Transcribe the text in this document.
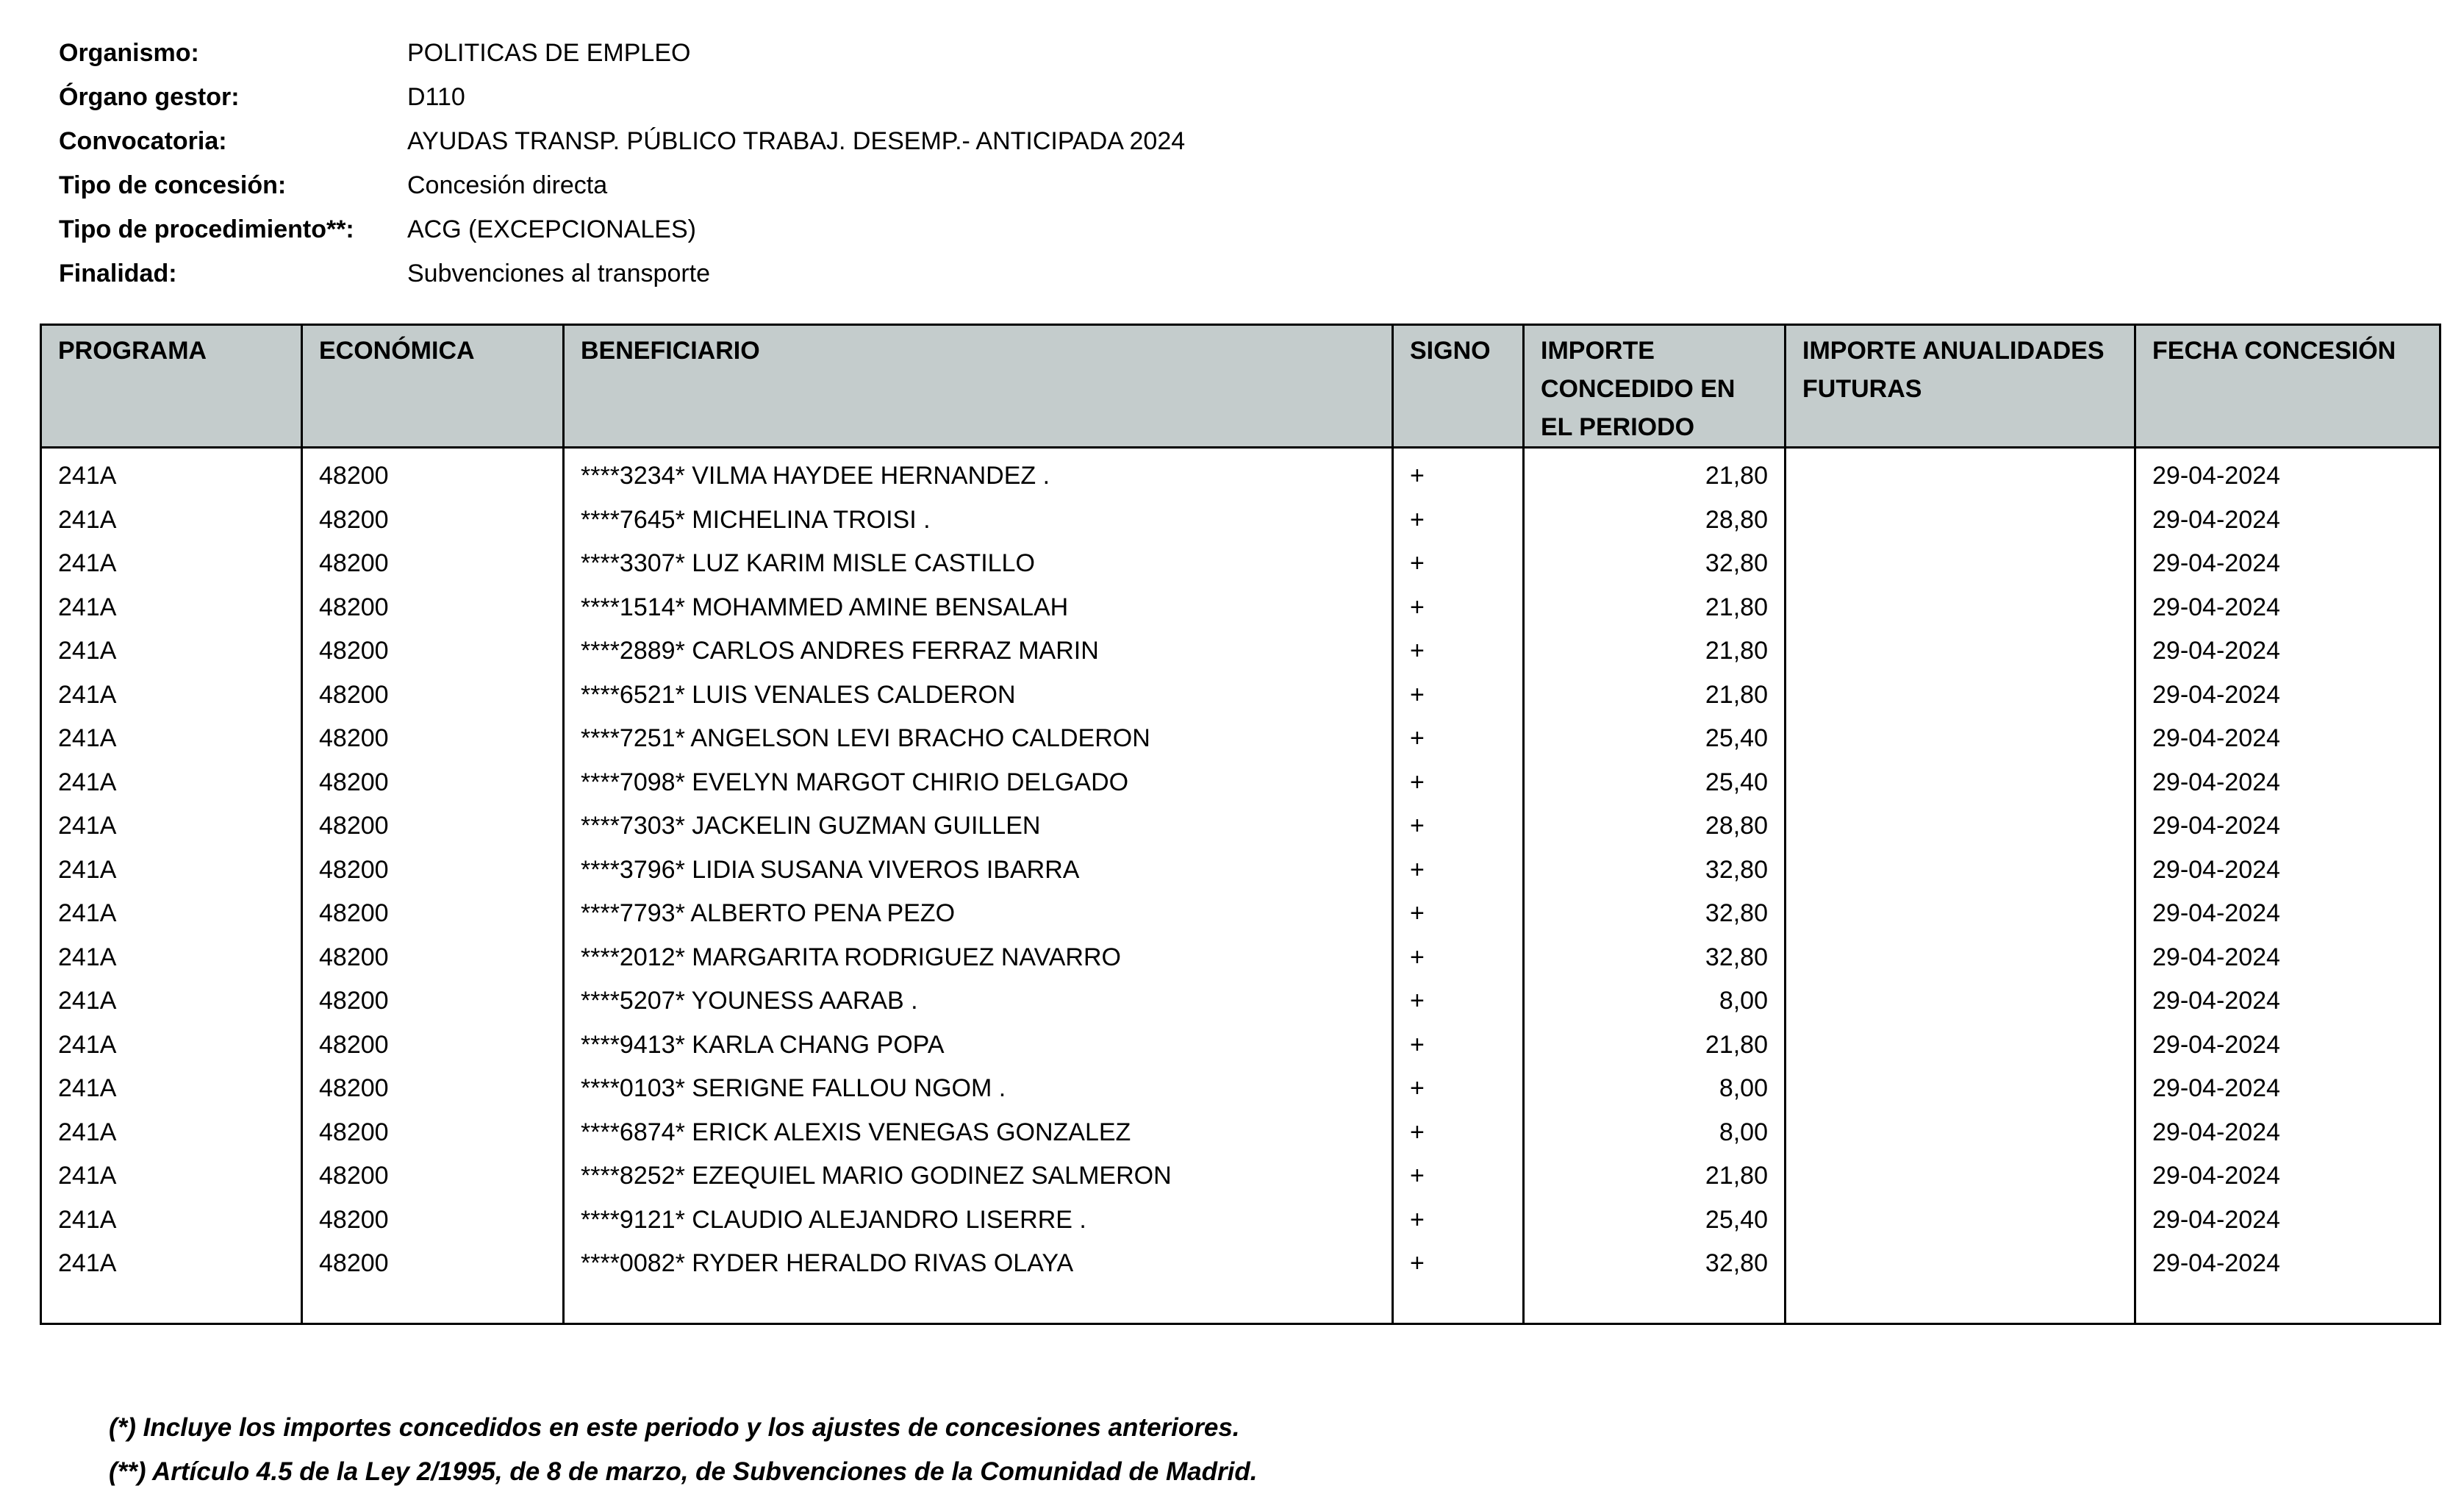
Organismo:	POLITICAS DE EMPLEO
Órgano gestor:	D110
Convocatoria:	AYUDAS TRANSP. PÚBLICO TRABAJ. DESEMP.- ANTICIPADA 2024
Tipo de concesión:	Concesión directa
Tipo de procedimiento**:	ACG (EXCEPCIONALES)
Finalidad:	Subvenciones al transporte
PROGRAMA	ECONÓMICA	BENEFICIARIO	SIGNO	IMPORTE CONCEDIDO EN EL PERIODO	IMPORTE ANUALIDADES FUTURAS	FECHA CONCESIÓN
241A	48200	****3234* VILMA HAYDEE HERNANDEZ .	+	21,80		29-04-2024
241A	48200	****7645* MICHELINA TROISI .	+	28,80		29-04-2024
241A	48200	****3307* LUZ KARIM MISLE CASTILLO	+	32,80		29-04-2024
241A	48200	****1514* MOHAMMED AMINE BENSALAH	+	21,80		29-04-2024
241A	48200	****2889* CARLOS ANDRES FERRAZ MARIN	+	21,80		29-04-2024
241A	48200	****6521* LUIS VENALES CALDERON	+	21,80		29-04-2024
241A	48200	****7251* ANGELSON LEVI BRACHO CALDERON	+	25,40		29-04-2024
241A	48200	****7098* EVELYN MARGOT CHIRIO DELGADO	+	25,40		29-04-2024
241A	48200	****7303* JACKELIN GUZMAN GUILLEN	+	28,80		29-04-2024
241A	48200	****3796* LIDIA SUSANA VIVEROS IBARRA	+	32,80		29-04-2024
241A	48200	****7793* ALBERTO PENA PEZO	+	32,80		29-04-2024
241A	48200	****2012* MARGARITA RODRIGUEZ NAVARRO	+	32,80		29-04-2024
241A	48200	****5207* YOUNESS AARAB .	+	8,00		29-04-2024
241A	48200	****9413* KARLA CHANG POPA	+	21,80		29-04-2024
241A	48200	****0103* SERIGNE FALLOU NGOM .	+	8,00		29-04-2024
241A	48200	****6874* ERICK ALEXIS VENEGAS GONZALEZ	+	8,00		29-04-2024
241A	48200	****8252* EZEQUIEL MARIO GODINEZ SALMERON	+	21,80		29-04-2024
241A	48200	****9121* CLAUDIO ALEJANDRO LISERRE .	+	25,40		29-04-2024
241A	48200	****0082* RYDER HERALDO RIVAS OLAYA	+	32,80		29-04-2024

(*) Incluye los importes concedidos en este periodo y los ajustes de concesiones anteriores.
(**) Artículo 4.5 de la Ley 2/1995, de 8 de marzo, de Subvenciones de la Comunidad de Madrid.
